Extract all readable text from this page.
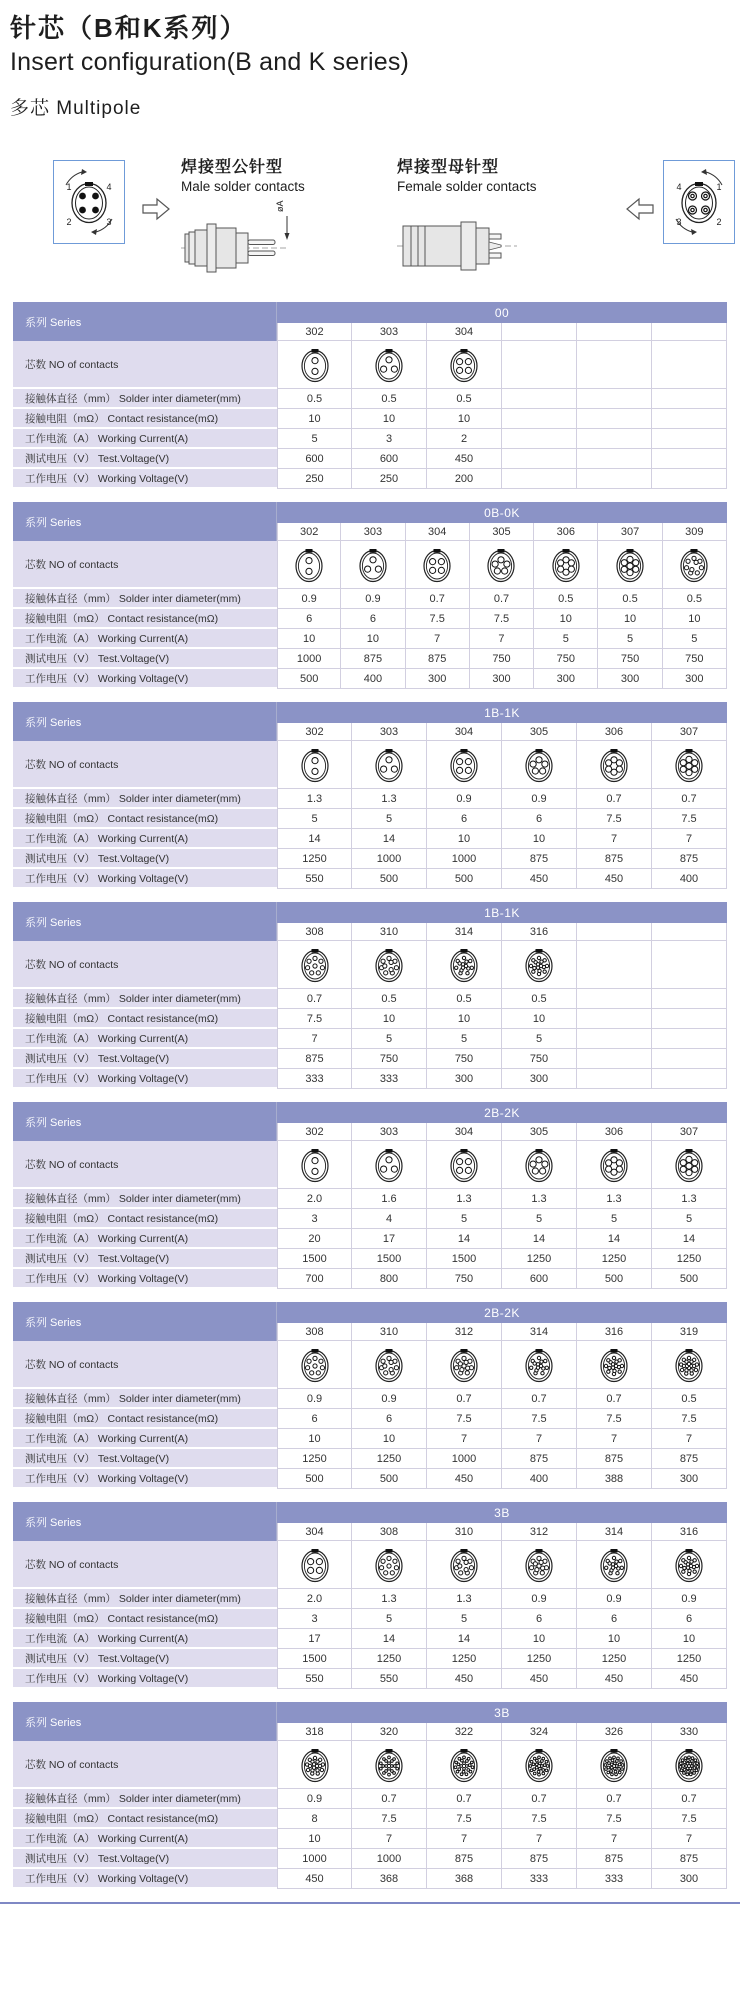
针芯（B和K系列）
Insert configuration(B and K series)
多芯 Multipole
1	4
2	3
焊接型公针型
Male solder contacts
øA
焊接型母针型
Female solder contacts	4	1
3	2
系列 Series
00
302	303	304
芯数 NO of contacts
接触体直径（mm） Solder inter diameter(mm)	0.5	0.5	0.5
接触电阻（mΩ） Contact resistance(mΩ)	10	10	10
工作电流（A） Working Current(A)	5	3	2
测试电压（V） Test.Voltage(V)	600	600	450
工作电压（V） Working Voltage(V)	250	250	200
系列 Series
0B-0K
302	303	304	305	306	307	309
芯数 NO of contacts
接触体直径（mm） Solder inter diameter(mm)	0.9	0.9	0.7	0.7	0.5	0.5	0.5
接触电阻（mΩ） Contact resistance(mΩ)	6	6	7.5	7.5	10	10	10
工作电流（A） Working Current(A)	10	10	7	7	5	5	5
测试电压（V） Test.Voltage(V)	1000	875	875	750	750	750	750
工作电压（V） Working Voltage(V)	500	400	300	300	300	300	300
系列 Series
1B-1K
302	303	304	305	306	307
芯数 NO of contacts
接触体直径（mm） Solder inter diameter(mm)	1.3	1.3	0.9	0.9	0.7	0.7
接触电阻（mΩ） Contact resistance(mΩ)	5	5	6	6	7.5	7.5
工作电流（A） Working Current(A)	14	14	10	10	7	7
测试电压（V） Test.Voltage(V)	1250	1000	1000	875	875	875
工作电压（V） Working Voltage(V)	550	500	500	450	450	400
系列 Series
1B-1K
308	310	314	316
芯数 NO of contacts
接触体直径（mm） Solder inter diameter(mm)	0.7	0.5	0.5	0.5
接触电阻（mΩ） Contact resistance(mΩ)	7.5	10	10	10
工作电流（A） Working Current(A)	7	5	5	5
测试电压（V） Test.Voltage(V)	875	750	750	750
工作电压（V） Working Voltage(V)	333	333	300	300
系列 Series
2B-2K
302	303	304	305	306	307
芯数 NO of contacts
接触体直径（mm） Solder inter diameter(mm)	2.0	1.6	1.3	1.3	1.3	1.3
接触电阻（mΩ） Contact resistance(mΩ)	3	4	5	5	5	5
工作电流（A） Working Current(A)	20	17	14	14	14	14
测试电压（V） Test.Voltage(V)	1500	1500	1500	1250	1250	1250
工作电压（V） Working Voltage(V)	700	800	750	600	500	500
系列 Series
2B-2K
308	310	312	314	316	319
芯数 NO of contacts
接触体直径（mm） Solder inter diameter(mm)	0.9	0.9	0.7	0.7	0.7	0.5
接触电阻（mΩ） Contact resistance(mΩ)	6	6	7.5	7.5	7.5	7.5
工作电流（A） Working Current(A)	10	10	7	7	7	7
测试电压（V） Test.Voltage(V)	1250	1250	1000	875	875	875
工作电压（V） Working Voltage(V)	500	500	450	400	388	300
系列 Series
3B
304	308	310	312	314	316
芯数 NO of contacts
接触体直径（mm） Solder inter diameter(mm)	2.0	1.3	1.3	0.9	0.9	0.9
接触电阻（mΩ） Contact resistance(mΩ)	3	5	5	6	6	6
工作电流（A） Working Current(A)	17	14	14	10	10	10
测试电压（V） Test.Voltage(V)	1500	1250	1250	1250	1250	1250
工作电压（V） Working Voltage(V)	550	550	450	450	450	450
系列 Series
3B
318	320	322	324	326	330
芯数 NO of contacts
接触体直径（mm） Solder inter diameter(mm)	0.9	0.7	0.7	0.7	0.7	0.7
接触电阻（mΩ） Contact resistance(mΩ)	8	7.5	7.5	7.5	7.5	7.5
工作电流（A） Working Current(A)	10	7	7	7	7	7
测试电压（V） Test.Voltage(V)	1000	1000	875	875	875	875
工作电压（V） Working Voltage(V)	450	368	368	333	333	300
